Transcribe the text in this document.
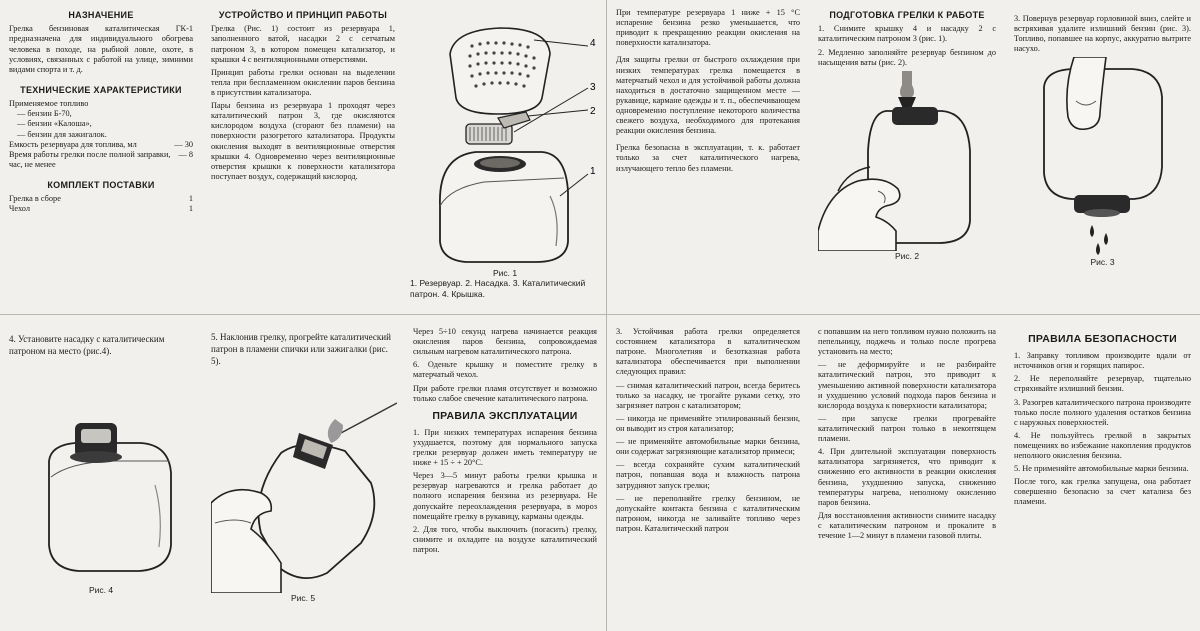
НАЗНАЧЕНИЕ

Грелка бензиновая каталитическая ГК-1 предназначена для индивидуального обогрева человека в походе, на рыбной ловле, охоте, в условиях, связанных с работой на улице, зимними видами спорта и т. д.

ТЕХНИЧЕСКИЕ ХАРАКТЕРИСТИКИ
Применяемое топливо
— бензин Б-70,
— бензин «Калоша»,
— бензин для зажигалок.
Емкость резервуара для топлива, мл	— 30
Время работы грелки после полной заправки, час, не менее
— 8
КОМПЛЕКТ ПОСТАВКИ
Грелка в сборе	1
Чехол	1
УСТРОЙСТВО И ПРИНЦИП РАБОТЫ

Грелка (Рис. 1) состоит из резервуара 1, заполненного ватой, насадки 2 с сетчатым патроном 3, в котором помещен катализатор, и крышки 4 с вентиляционными отверстиями.

Принцип работы грелки основан на выделении тепла при беспламенном окислении паров бензина в присутствии катализатора.

Пары бензина из резервуара 1 проходят через каталитический патрон 3, где окисляются кислородом воздуха (сгорают без пламени) на поверхности разогретого катализатора. Продукты окисления выходят в вентиляционные отверстия крышки 4. Одновременно через вентиляционные отверстия крышки к поверхности катализатора поступает воздух, содержащий кислород.

4
3
2
1
Рис. 1
1. Резервуар. 2. Насадка. 3. Каталитический патрон. 4. Крышка.

При температуре резервуара 1 ниже + 15 °С испарение бензина резко уменьшается, что приводит к прекращению реакции окисления на поверхности катализатора.

Для защиты грелки от быстрого охлаждения при низких температурах грелка помещается в матерчатый чехол и для устойчивой работы должна находиться в достаточно защищенном месте — рукавице, кармане одежды и т. п., обеспечивающем одновременно поступление некоторого количества свежего воздуха, необходимого для протекания реакции окисления бензина.

Грелка безопасна в эксплуатации, т. к. работает только за счет каталитического нагрева, излучающего тепло без пламени.

ПОДГОТОВКА ГРЕЛКИ К РАБОТЕ

1. Снимите крышку 4 и насадку 2 с каталитическим патроном 3 (рис. 1).

2. Медленно заполняйте резервуар бензином до насыщения ваты (рис. 2).

Рис. 2

3. Повернув резервуар горловиной вниз, слейте и встряхивая удалите излишний бензин (рис. 3). Топливо, попавшее на корпус, аккуратно вытрите насухо.

Рис. 3
4. Установите насадку с каталитическим патроном на место (рис.4).
Рис. 4
5. Наклонив грелку, прогрейте каталитический патрон в пламени спички или зажигалки (рис. 5).
Рис. 5

Через 5÷10 секунд нагрева начинается реакция окисления паров бензина, сопровождаемая сильным нагревом каталитического патрона.

6. Оденьте крышку и поместите грелку в матерчатый чехол.

При работе грелки пламя отсутствует и возможно только слабое свечение каталитического патрона.

ПРАВИЛА ЭКСПЛУАТАЦИИ

1. При низких температурах испарения бензина ухудшается, поэтому для нормального запуска грелки резервуар должен иметь температуру не ниже + 15 ÷ + 20°С.

Через 3—5 минут работы грелки крышка и резервуар нагреваются и грелка работает до полного испарения бензина из резервуара. Не допускайте переохлаждения резервуара, в мороз помещайте грелку в рукавицу, карманы одежды.

2. Для того, чтобы выключить (погасить) грелку, снимите и охладите на воздухе каталитический патрон.

3. Устойчивая работа грелки определяется состоянием катализатора в каталитическом патроне. Многолетняя и безотказная работа катализатора обеспечивается при выполнении следующих правил:

— снимая каталитический патрон, всегда беритесь только за насадку, не трогайте руками сетку, это загрязняет патрон с катализатором;

— никогда не применяйте этилированный бензин, он выводит из строя катализатор;

— не применяйте автомобильные марки бензина, они содержат загрязняющие катализатор примеси;

— всегда сохраняйте сухим каталитический патрон, попавшая вода и влажность патрона затрудняют запуск грелки;

— не переполняйте грелку бензином, не допускайте контакта бензина с каталитическим патроном, никогда не заливайте топливо через патрон. Каталитический патрон

с попавшим на него топливом нужно положить на пепельницу, поджечь и только после прогрева установить на место;

— не деформируйте и не разбирайте каталитический патрон, это приводит к уменьшению активной поверхности катализатора и ухудшению условий подхода паров бензина и кислорода воздуха к поверхности катализатора;

— при запуске грелки прогревайте каталитический патрон только в некоптящем пламени.

4. При длительной эксплуатации поверхность катализатора загрязняется, что приводит к снижению его активности в реакции окисления бензина, ухудшению запуска, снижению температуры нагрева, неполному окислению паров бензина.

Для восстановления активности снимите насадку с каталитическим патроном и прокалите в течение 1—2 минут в пламени газовой плиты.

ПРАВИЛА БЕЗОПАСНОСТИ

1. Заправку топливом производите вдали от источников огня и горящих папирос.

2. Не переполняйте резервуар, тщательно стряхивайте излишний бензин.

3. Разогрев каталитического патрона производите только после полного удаления остатков бензина с наружных поверхностей.

4. Не пользуйтесь грелкой в закрытых помещениях во избежание накопления продуктов неполного окисления бензина.

5. Не применяйте автомобильные марки бензина.

После того, как грелка запущена, она работает совершенно безопасно за счет катализа без пламени.
